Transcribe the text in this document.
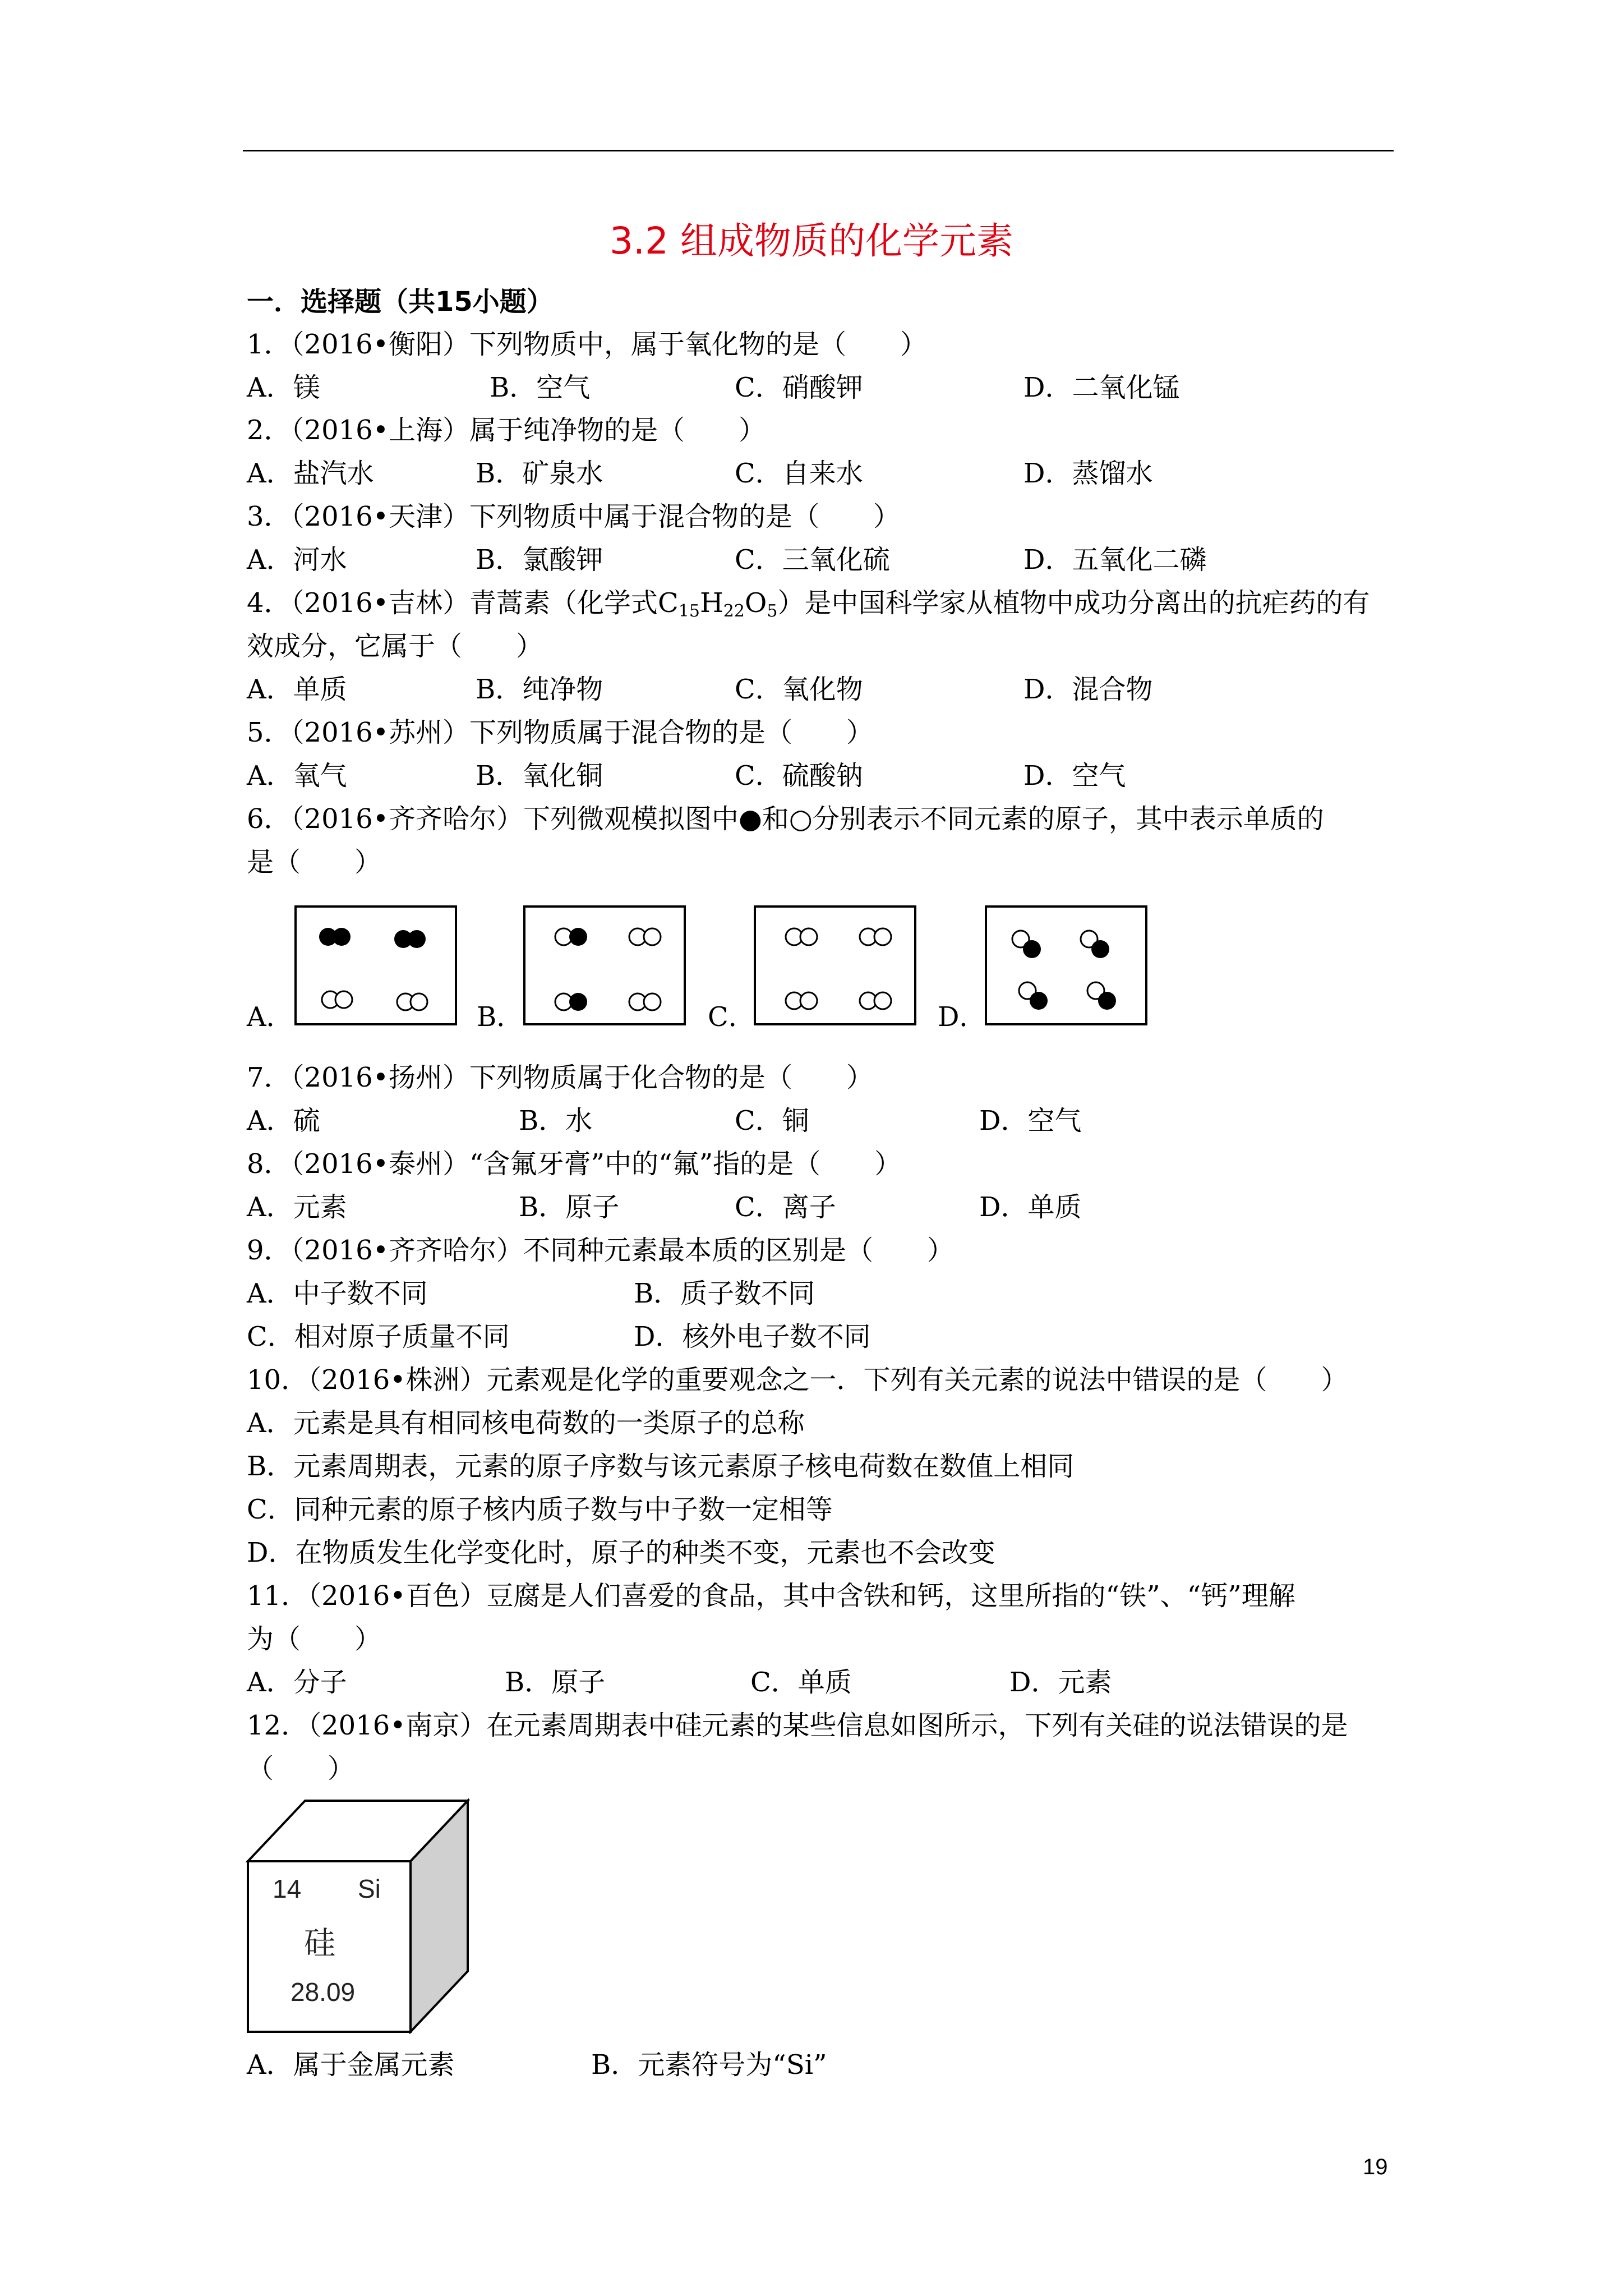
3.2 组成物质的化学元素
一．选择题（共15小题）
1．（2016•衡阳）下列物质中，属于氧化物的是（　　）
A．镁	B．空气	C．硝酸钾	D．二氧化锰
2．（2016•上海）属于纯净物的是（　　）
A．盐汽水	B．矿泉水	C．自来水	D．蒸馏水
3．（2016•天津）下列物质中属于混合物的是（　　）
A．河水	B．氯酸钾	C．三氧化硫	D．五氧化二磷
4．（2016•吉林）青蒿素（化学式$C_{15}H_{22}O_5$）是中国科学家从植物中成功分离出的抗疟药的有
效成分，它属于（　　）
A．单质	B．纯净物	C．氧化物	D．混合物
5．（2016•苏州）下列物质属于混合物的是（　　）
A．氧气	B．氧化铜	C．硫酸钠	D．空气
6．（2016•齐齐哈尔）下列微观模拟图中●和○分别表示不同元素的原子，其中表示单质的
是（　　）
A．	B．	C．	D．
7．（2016•扬州）下列物质属于化合物的是（　　）
A．硫	B．水	C．铜	D．空气
8．（2016•泰州）“含氟牙膏”中的“氟”指的是（　　）
A．元素	B．原子	C．离子	D．单质
9．（2016•齐齐哈尔）不同种元素最本质的区别是（　　）
A．中子数不同	B．质子数不同
C．相对原子质量不同	D．核外电子数不同
10．（2016•株洲）元素观是化学的重要观念之一．下列有关元素的说法中错误的是（　　）
A．元素是具有相同核电荷数的一类原子的总称
B．元素周期表，元素的原子序数与该元素原子核电荷数在数值上相同
C．同种元素的原子核内质子数与中子数一定相等
D．在物质发生化学变化时，原子的种类不变，元素也不会改变
11．（2016•百色）豆腐是人们喜爱的食品，其中含铁和钙，这里所指的“铁”、“钙”理解
为（　　）
A．分子	B．原子	C．单质	D．元素
12．（2016•南京）在元素周期表中硅元素的某些信息如图所示，下列有关硅的说法错误的是
（　　）
14 Si
硅
28.09
A．属于金属元素	B．元素符号为“Si”
19
